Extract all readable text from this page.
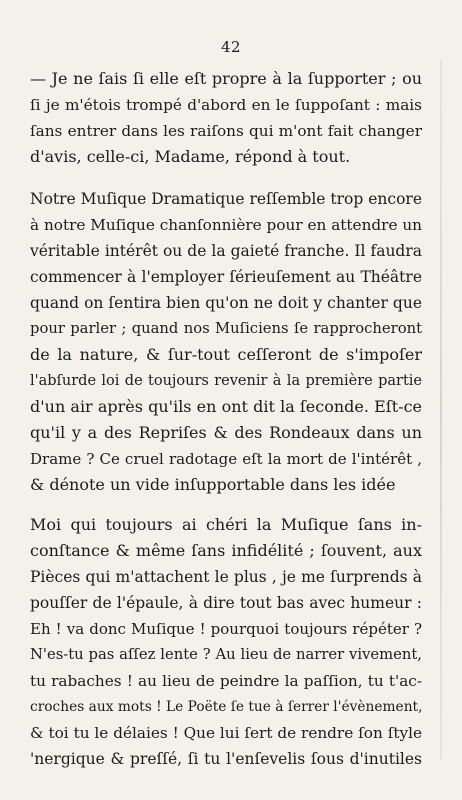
42
— Je ne ſais ſi elle eſt propre à la ſupporter ; ou
ſi je m'étois trompé d'abord en le ſuppoſant : mais
ſans entrer dans les raiſons qui m'ont fait changer
d'avis, celle-ci, Madame, répond à tout.
Notre Muſique Dramatique reſſemble trop encore
à notre Muſique chanſonnière pour en attendre un
véritable intérêt ou de la gaieté franche. Il faudra
commencer à l'employer ſérieuſement au Théâtre
quand on ſentira bien qu'on ne doit y chanter que
pour parler ; quand nos Muſiciens ſe rapprocheront
de la nature, & ſur-tout ceſſeront de s'impoſer
l'abſurde loi de toujours revenir à la première partie
d'un air après qu'ils en ont dit la ſeconde. Eſt-ce
qu'il y a des Repriſes & des Rondeaux dans un
Drame ? Ce cruel radotage eſt la mort de l'intérêt ,
& dénote un vide inſupportable dans les idée
Moi qui toujours ai chéri la Muſique ſans in-
conſtance & même ſans infidélité ; ſouvent, aux
Pièces qui m'attachent le plus , je me ſurprends à
pouſſer de l'épaule, à dire tout bas avec humeur :
Eh ! va donc Muſique ! pourquoi toujours répéter ?
N'es-tu pas aſſez lente ? Au lieu de narrer vivement,
tu rabaches ! au lieu de peindre la paſſion, tu t'ac-
croches aux mots ! Le Poëte ſe tue à ſerrer l'évènement,
& toi tu le délaies ! Que lui ſert de rendre ſon ſtyle
'nergique & preſſé, ſi tu l'enſevelis ſous d'inutiles
